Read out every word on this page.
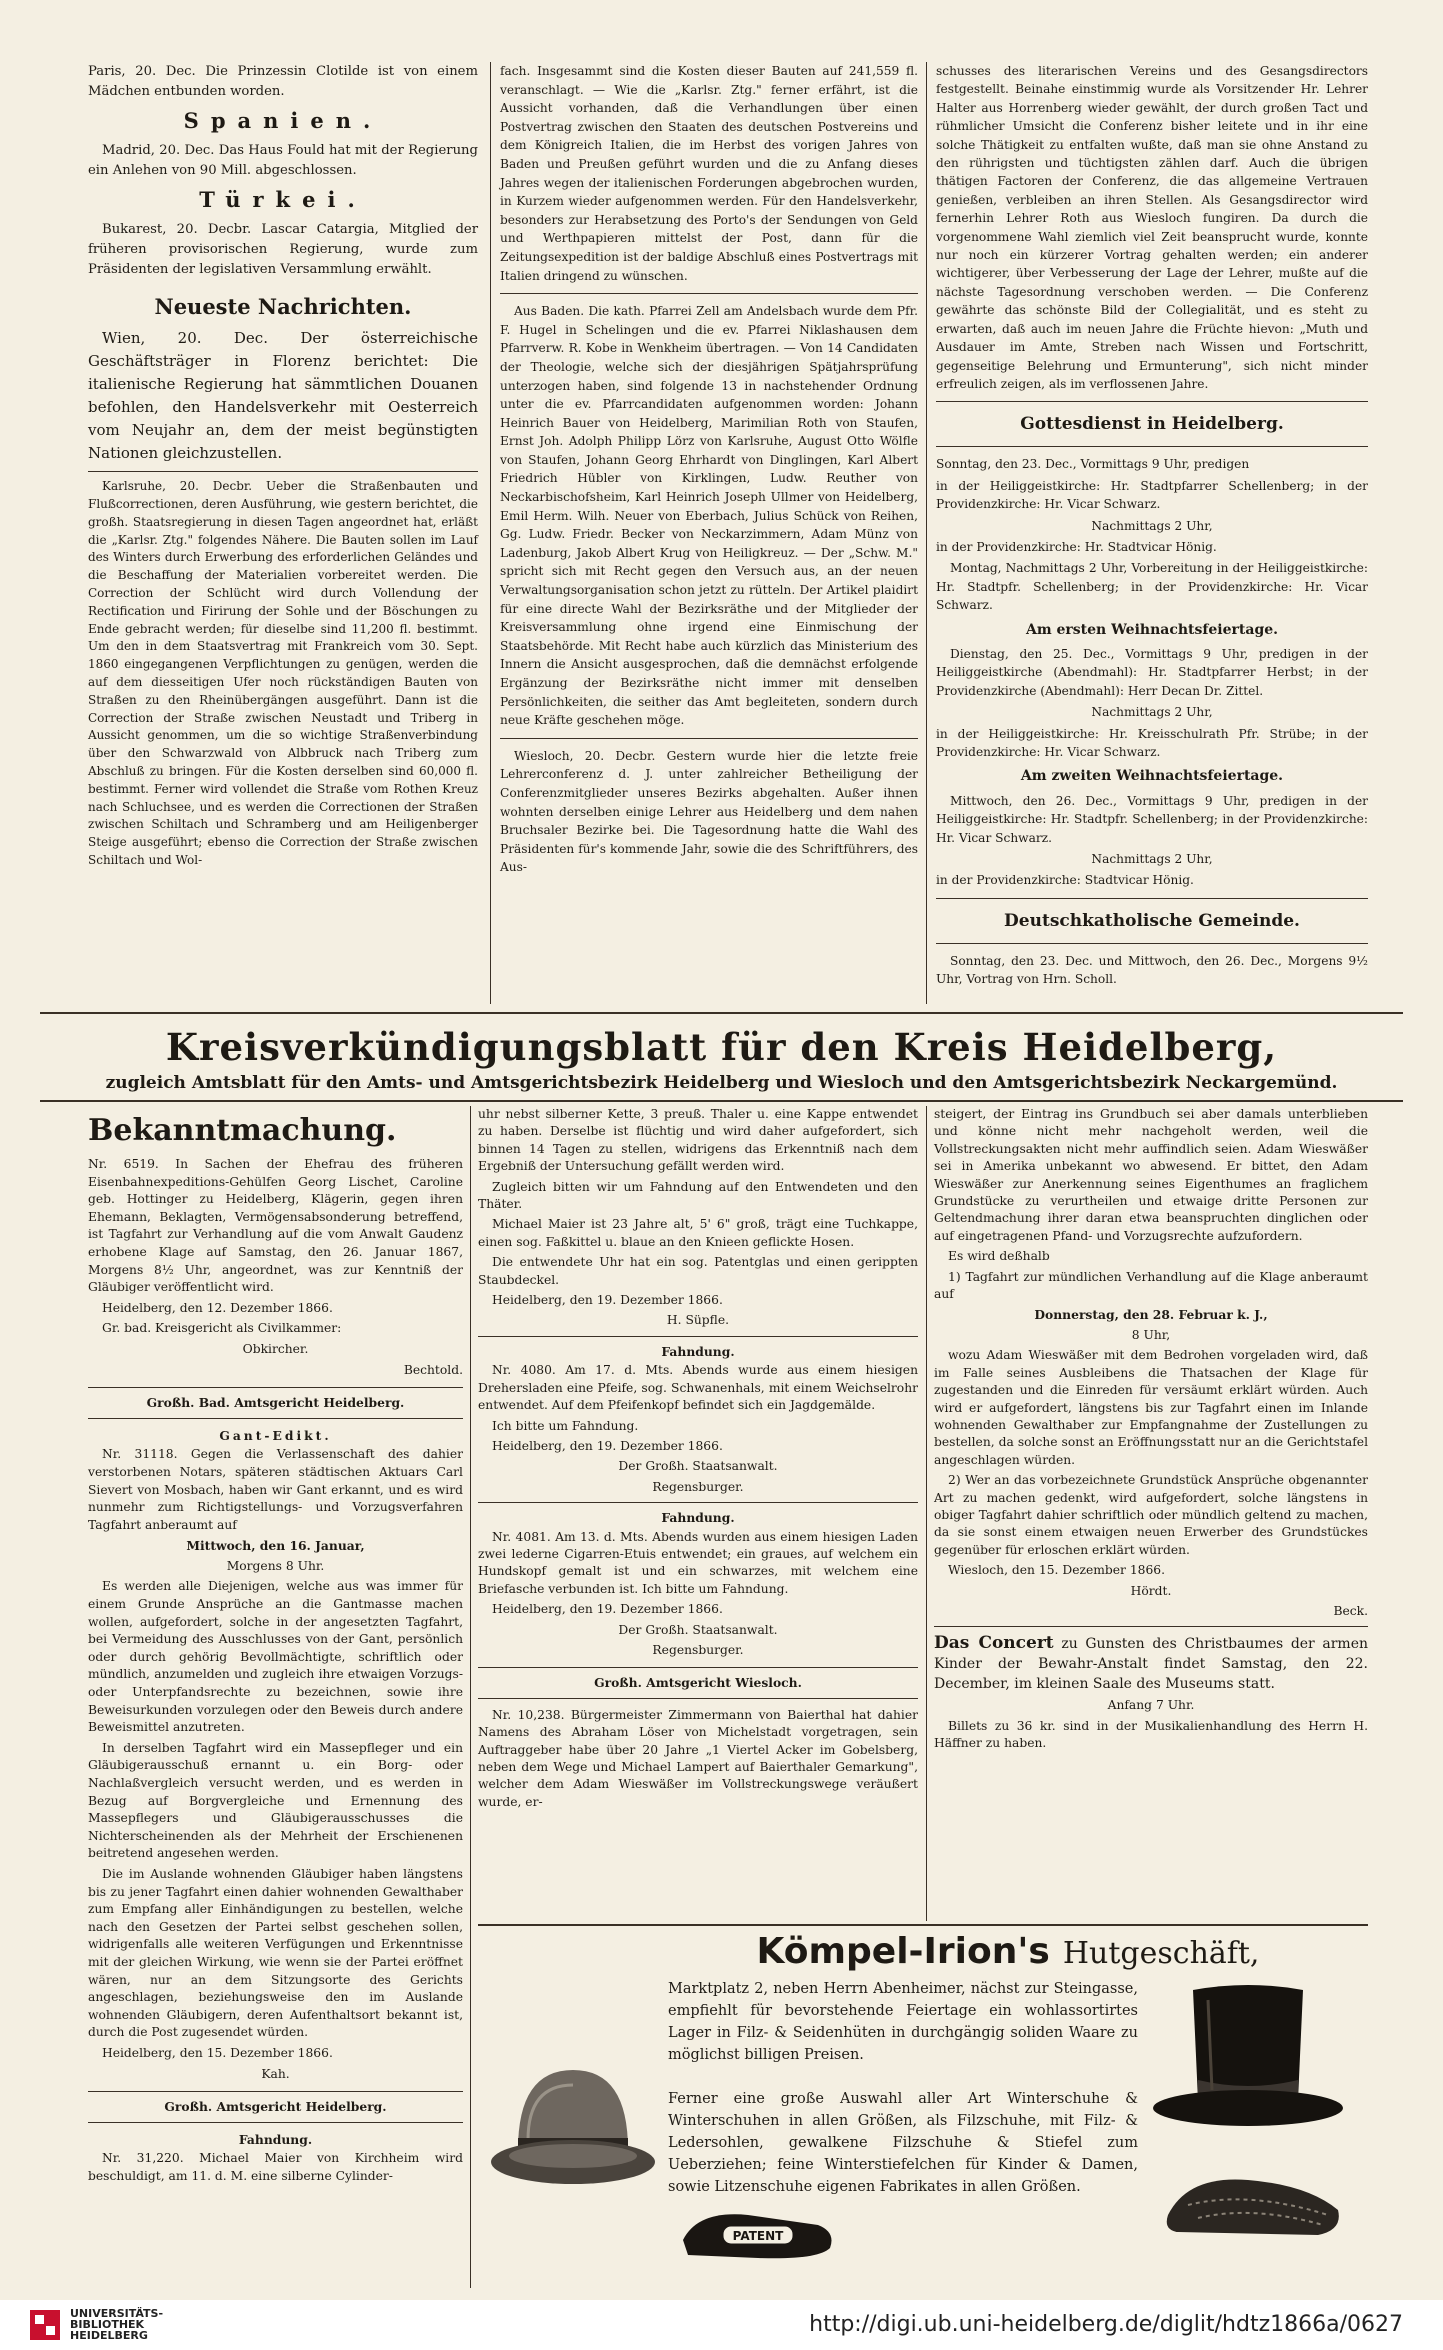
Paris, 20. Dec. Die Prinzessin Clotilde ist von einem Mädchen entbunden worden.

Spanien.

Madrid, 20. Dec. Das Haus Fould hat mit der Regierung ein Anlehen von 90 Mill. abgeschlossen.

Türkei.

Bukarest, 20. Decbr. Lascar Catargia, Mitglied der früheren provisorischen Regierung, wurde zum Präsidenten der legislativen Versammlung erwählt.

Neueste Nachrichten.

Wien, 20. Dec. Der österreichische Geschäftsträger in Florenz berichtet: Die italienische Regierung hat sämmtlichen Douanen befohlen, den Handelsverkehr mit Oesterreich vom Neujahr an, dem der meist begünstigten Nationen gleichzustellen.

Karlsruhe, 20. Decbr. Ueber die Straßenbauten und Flußcorrectionen, deren Ausführung, wie gestern berichtet, die großh. Staatsregierung in diesen Tagen angeordnet hat, erläßt die „Karlsr. Ztg." folgendes Nähere. Die Bauten sollen im Lauf des Winters durch Erwerbung des erforderlichen Geländes und die Beschaffung der Materialien vorbereitet werden. Die Correction der Schlücht wird durch Vollendung der Rectification und Firirung der Sohle und der Böschungen zu Ende gebracht werden; für dieselbe sind 11,200 fl. bestimmt. Um den in dem Staatsvertrag mit Frankreich vom 30. Sept. 1860 eingegangenen Verpflichtungen zu genügen, werden die auf dem diesseitigen Ufer noch rückständigen Bauten von Straßen zu den Rheinübergängen ausgeführt. Dann ist die Correction der Straße zwischen Neustadt und Triberg in Aussicht genommen, um die so wichtige Straßenverbindung über den Schwarzwald von Albbruck nach Triberg zum Abschluß zu bringen. Für die Kosten derselben sind 60,000 fl. bestimmt. Ferner wird vollendet die Straße vom Rothen Kreuz nach Schluchsee, und es werden die Correctionen der Straßen zwischen Schiltach und Schramberg und am Heiligenberger Steige ausgeführt; ebenso die Correction der Straße zwischen Schiltach und Wol-

fach. Insgesammt sind die Kosten dieser Bauten auf 241,559 fl. veranschlagt. — Wie die „Karlsr. Ztg." ferner erfährt, ist die Aussicht vorhanden, daß die Verhandlungen über einen Postvertrag zwischen den Staaten des deutschen Postvereins und dem Königreich Italien, die im Herbst des vorigen Jahres von Baden und Preußen geführt wurden und die zu Anfang dieses Jahres wegen der italienischen Forderungen abgebrochen wurden, in Kurzem wieder aufgenommen werden. Für den Handelsverkehr, besonders zur Herabsetzung des Porto's der Sendungen von Geld und Werthpapieren mittelst der Post, dann für die Zeitungsexpedition ist der baldige Abschluß eines Postvertrags mit Italien dringend zu wünschen.

Aus Baden. Die kath. Pfarrei Zell am Andelsbach wurde dem Pfr. F. Hugel in Schelingen und die ev. Pfarrei Niklashausen dem Pfarrverw. R. Kobe in Wenkheim übertragen. — Von 14 Candidaten der Theologie, welche sich der diesjährigen Spätjahrsprüfung unterzogen haben, sind folgende 13 in nachstehender Ordnung unter die ev. Pfarrcandidaten aufgenommen worden: Johann Heinrich Bauer von Heidelberg, Marimilian Roth von Staufen, Ernst Joh. Adolph Philipp Lörz von Karlsruhe, August Otto Wölfle von Staufen, Johann Georg Ehrhardt von Dinglingen, Karl Albert Friedrich Hübler von Kirklingen, Ludw. Reuther von Neckarbischofsheim, Karl Heinrich Joseph Ullmer von Heidelberg, Emil Herm. Wilh. Neuer von Eberbach, Julius Schück von Reihen, Gg. Ludw. Friedr. Becker von Neckarzimmern, Adam Münz von Ladenburg, Jakob Albert Krug von Heiligkreuz. — Der „Schw. M." spricht sich mit Recht gegen den Versuch aus, an der neuen Verwaltungsorganisation schon jetzt zu rütteln. Der Artikel plaidirt für eine directe Wahl der Bezirksräthe und der Mitglieder der Kreisversammlung ohne irgend eine Einmischung der Staatsbehörde. Mit Recht habe auch kürzlich das Ministerium des Innern die Ansicht ausgesprochen, daß die demnächst erfolgende Ergänzung der Bezirksräthe nicht immer mit denselben Persönlichkeiten, die seither das Amt begleiteten, sondern durch neue Kräfte geschehen möge.

Wiesloch, 20. Decbr. Gestern wurde hier die letzte freie Lehrerconferenz d. J. unter zahlreicher Betheiligung der Conferenzmitglieder unseres Bezirks abgehalten. Außer ihnen wohnten derselben einige Lehrer aus Heidelberg und dem nahen Bruchsaler Bezirke bei. Die Tagesordnung hatte die Wahl des Präsidenten für's kommende Jahr, sowie die des Schriftführers, des Aus-

schusses des literarischen Vereins und des Gesangsdirectors festgestellt. Beinahe einstimmig wurde als Vorsitzender Hr. Lehrer Halter aus Horrenberg wieder gewählt, der durch großen Tact und rühmlicher Umsicht die Conferenz bisher leitete und in ihr eine solche Thätigkeit zu entfalten wußte, daß man sie ohne Anstand zu den rührigsten und tüchtigsten zählen darf. Auch die übrigen thätigen Factoren der Conferenz, die das allgemeine Vertrauen genießen, verbleiben an ihren Stellen. Als Gesangsdirector wird fernerhin Lehrer Roth aus Wiesloch fungiren. Da durch die vorgenommene Wahl ziemlich viel Zeit beansprucht wurde, konnte nur noch ein kürzerer Vortrag gehalten werden; ein anderer wichtigerer, über Verbesserung der Lage der Lehrer, mußte auf die nächste Tagesordnung verschoben werden. — Die Conferenz gewährte das schönste Bild der Collegialität, und es steht zu erwarten, daß auch im neuen Jahre die Früchte hievon: „Muth und Ausdauer im Amte, Streben nach Wissen und Fortschritt, gegenseitige Belehrung und Ermunterung", sich nicht minder erfreulich zeigen, als im verflossenen Jahre.

Gottesdienst in Heidelberg.

Sonntag, den 23. Dec., Vormittags 9 Uhr, predigen

in der Heiliggeistkirche: Hr. Stadtpfarrer Schellenberg; in der Providenzkirche: Hr. Vicar Schwarz.

Nachmittags 2 Uhr,

in der Providenzkirche: Hr. Stadtvicar Hönig.

Montag, Nachmittags 2 Uhr, Vorbereitung in der Heiliggeistkirche: Hr. Stadtpfr. Schellenberg; in der Providenzkirche: Hr. Vicar Schwarz.

Am ersten Weihnachtsfeiertage.

Dienstag, den 25. Dec., Vormittags 9 Uhr, predigen in der Heiliggeistkirche (Abendmahl): Hr. Stadtpfarrer Herbst; in der Providenzkirche (Abendmahl): Herr Decan Dr. Zittel.

Nachmittags 2 Uhr,

in der Heiliggeistkirche: Hr. Kreisschulrath Pfr. Strübe; in der Providenzkirche: Hr. Vicar Schwarz.

Am zweiten Weihnachtsfeiertage.

Mittwoch, den 26. Dec., Vormittags 9 Uhr, predigen in der Heiliggeistkirche: Hr. Stadtpfr. Schellenberg; in der Providenzkirche: Hr. Vicar Schwarz.

Nachmittags 2 Uhr,

in der Providenzkirche: Stadtvicar Hönig.

Deutschkatholische Gemeinde.

Sonntag, den 23. Dec. und Mittwoch, den 26. Dec., Morgens 9½ Uhr, Vortrag von Hrn. Scholl.

Kreisverkündigungsblatt für den Kreis Heidelberg,
zugleich Amtsblatt für den Amts- und Amtsgerichtsbezirk Heidelberg und Wiesloch und den Amtsgerichtsbezirk Neckargemünd.
Bekanntmachung.

Nr. 6519. In Sachen der Ehefrau des früheren Eisenbahnexpeditions-Gehülfen Georg Lischet, Caroline geb. Hottinger zu Heidelberg, Klägerin, gegen ihren Ehemann, Beklagten, Vermögensabsonderung betreffend, ist Tagfahrt zur Verhandlung auf die vom Anwalt Gaudenz erhobene Klage auf Samstag, den 26. Januar 1867, Morgens 8½ Uhr, angeordnet, was zur Kenntniß der Gläubiger veröffentlicht wird.

Heidelberg, den 12. Dezember 1866.

Gr. bad. Kreisgericht als Civilkammer:

Obkircher.

Bechtold.

Großh. Bad. Amtsgericht Heidelberg.
Gant-Edikt.

Nr. 31118. Gegen die Verlassenschaft des dahier verstorbenen Notars, späteren städtischen Aktuars Carl Sievert von Mosbach, haben wir Gant erkannt, und es wird nunmehr zum Richtigstellungs- und Vorzugsverfahren Tagfahrt anberaumt auf

Mittwoch, den 16. Januar,

Morgens 8 Uhr.

Es werden alle Diejenigen, welche aus was immer für einem Grunde Ansprüche an die Gantmasse machen wollen, aufgefordert, solche in der angesetzten Tagfahrt, bei Vermeidung des Ausschlusses von der Gant, persönlich oder durch gehörig Bevollmächtigte, schriftlich oder mündlich, anzumelden und zugleich ihre etwaigen Vorzugs- oder Unterpfandsrechte zu bezeichnen, sowie ihre Beweisurkunden vorzulegen oder den Beweis durch andere Beweismittel anzutreten.

In derselben Tagfahrt wird ein Massepfleger und ein Gläubigerausschuß ernannt u. ein Borg- oder Nachlaßvergleich versucht werden, und es werden in Bezug auf Borgvergleiche und Ernennung des Massepflegers und Gläubigerausschusses die Nichterscheinenden als der Mehrheit der Erschienenen beitretend angesehen werden.

Die im Auslande wohnenden Gläubiger haben längstens bis zu jener Tagfahrt einen dahier wohnenden Gewalthaber zum Empfang aller Einhändigungen zu bestellen, welche nach den Gesetzen der Partei selbst geschehen sollen, widrigenfalls alle weiteren Verfügungen und Erkenntnisse mit der gleichen Wirkung, wie wenn sie der Partei eröffnet wären, nur an dem Sitzungsorte des Gerichts angeschlagen, beziehungsweise den im Auslande wohnenden Gläubigern, deren Aufenthaltsort bekannt ist, durch die Post zugesendet würden.

Heidelberg, den 15. Dezember 1866.

Kah.

Großh. Amtsgericht Heidelberg.
Fahndung.

Nr. 31,220. Michael Maier von Kirchheim wird beschuldigt, am 11. d. M. eine silberne Cylinder-

uhr nebst silberner Kette, 3 preuß. Thaler u. eine Kappe entwendet zu haben. Derselbe ist flüchtig und wird daher aufgefordert, sich binnen 14 Tagen zu stellen, widrigens das Erkenntniß nach dem Ergebniß der Untersuchung gefällt werden wird.

Zugleich bitten wir um Fahndung auf den Entwendeten und den Thäter.

Michael Maier ist 23 Jahre alt, 5' 6" groß, trägt eine Tuchkappe, einen sog. Faßkittel u. blaue an den Knieen geflickte Hosen.

Die entwendete Uhr hat ein sog. Patentglas und einen gerippten Staubdeckel.

Heidelberg, den 19. Dezember 1866.

H. Süpfle.

Fahndung.

Nr. 4080. Am 17. d. Mts. Abends wurde aus einem hiesigen Drehersladen eine Pfeife, sog. Schwanenhals, mit einem Weichselrohr entwendet. Auf dem Pfeifenkopf befindet sich ein Jagdgemälde.

Ich bitte um Fahndung.

Heidelberg, den 19. Dezember 1866.

Der Großh. Staatsanwalt.

Regensburger.

Fahndung.

Nr. 4081. Am 13. d. Mts. Abends wurden aus einem hiesigen Laden zwei lederne Cigarren-Etuis entwendet; ein graues, auf welchem ein Hundskopf gemalt ist und ein schwarzes, mit welchem eine Briefasche verbunden ist. Ich bitte um Fahndung.

Heidelberg, den 19. Dezember 1866.

Der Großh. Staatsanwalt.

Regensburger.

Großh. Amtsgericht Wiesloch.

Nr. 10,238. Bürgermeister Zimmermann von Baierthal hat dahier Namens des Abraham Löser von Michelstadt vorgetragen, sein Auftraggeber habe über 20 Jahre „1 Viertel Acker im Gobelsberg, neben dem Wege und Michael Lampert auf Baierthaler Gemarkung", welcher dem Adam Wieswäßer im Vollstreckungswege veräußert wurde, er-

steigert, der Eintrag ins Grundbuch sei aber damals unterblieben und könne nicht mehr nachgeholt werden, weil die Vollstreckungsakten nicht mehr auffindlich seien. Adam Wieswäßer sei in Amerika unbekannt wo abwesend. Er bittet, den Adam Wieswäßer zur Anerkennung seines Eigenthumes an fraglichem Grundstücke zu verurtheilen und etwaige dritte Personen zur Geltendmachung ihrer daran etwa beanspruchten dinglichen oder auf eingetragenen Pfand- und Vorzugsrechte aufzufordern.

Es wird deßhalb

1) Tagfahrt zur mündlichen Verhandlung auf die Klage anberaumt auf

Donnerstag, den 28. Februar k. J.,

8 Uhr,

wozu Adam Wieswäßer mit dem Bedrohen vorgeladen wird, daß im Falle seines Ausbleibens die Thatsachen der Klage für zugestanden und die Einreden für versäumt erklärt würden. Auch wird er aufgefordert, längstens bis zur Tagfahrt einen im Inlande wohnenden Gewalthaber zur Empfangnahme der Zustellungen zu bestellen, da solche sonst an Eröffnungsstatt nur an die Gerichtstafel angeschlagen würden.

2) Wer an das vorbezeichnete Grundstück Ansprüche obgenannter Art zu machen gedenkt, wird aufgefordert, solche längstens in obiger Tagfahrt dahier schriftlich oder mündlich geltend zu machen, da sie sonst einem etwaigen neuen Erwerber des Grundstückes gegenüber für erloschen erklärt würden.

Wiesloch, den 15. Dezember 1866.

Hördt.

Beck.

Das Concert zu Gunsten des Christbaumes der armen Kinder der Bewahr-Anstalt findet Samstag, den 22. December, im kleinen Saale des Museums statt.

Anfang 7 Uhr.

Billets zu 36 kr. sind in der Musikalienhandlung des Herrn H. Häffner zu haben.

Kömpel-Irion's Hutgeschäft,
Marktplatz 2, neben Herrn Abenheimer, nächst zur Steingasse, empfiehlt für bevorstehende Feiertage ein wohlassortirtes Lager in Filz- & Seidenhüten in durchgängig soliden Waare zu möglichst billigen Preisen.
Ferner eine große Auswahl aller Art Winterschuhe & Winterschuhen in allen Größen, als Filzschuhe, mit Filz- & Ledersohlen, gewalkene Filzschuhe & Stiefel zum Ueberziehen; feine Winterstiefelchen für Kinder & Damen, sowie Litzenschuhe eigenen Fabrikates in allen Größen.
PATENT
UNIVERSITÄTS-
BIBLIOTHEK
HEIDELBERG	http://digi.ub.uni-heidelberg.de/diglit/hdtz1866a/0627
